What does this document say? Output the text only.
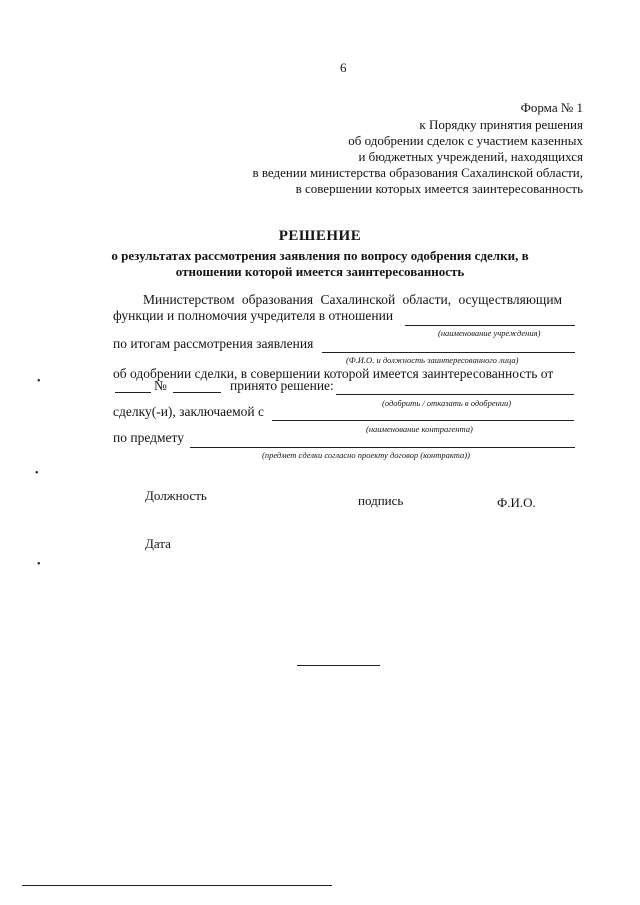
6
Форма № 1
к Порядку принятия решения
об одобрении сделок с участием казенных
и бюджетных учреждений, находящихся
в ведении министерства образования Сахалинской области,
в совершении которых имеется заинтересованность
РЕШЕНИЕ
о результатах рассмотрения заявления по вопросу одобрения сделки, в
отношении которой имеется заинтересованность
Министерством образования Сахалинской области, осуществляющим
функции и полномочия учредителя в отношении
(наименование учреждения)
по итогам рассмотрения заявления
(Ф.И.О. и должность заинтересованного лица)
об одобрении сделки, в совершении которой имеется заинтересованность от
№	принято решение:
(одобрить / отказать в одобрении)
сделку(-и), заключаемой с
(наименование контрагента)
по предмету
(предмет сделки согласно проекту договор (контракта))
Должность	подпись	Ф.И.О.
Дата
•
•
•
